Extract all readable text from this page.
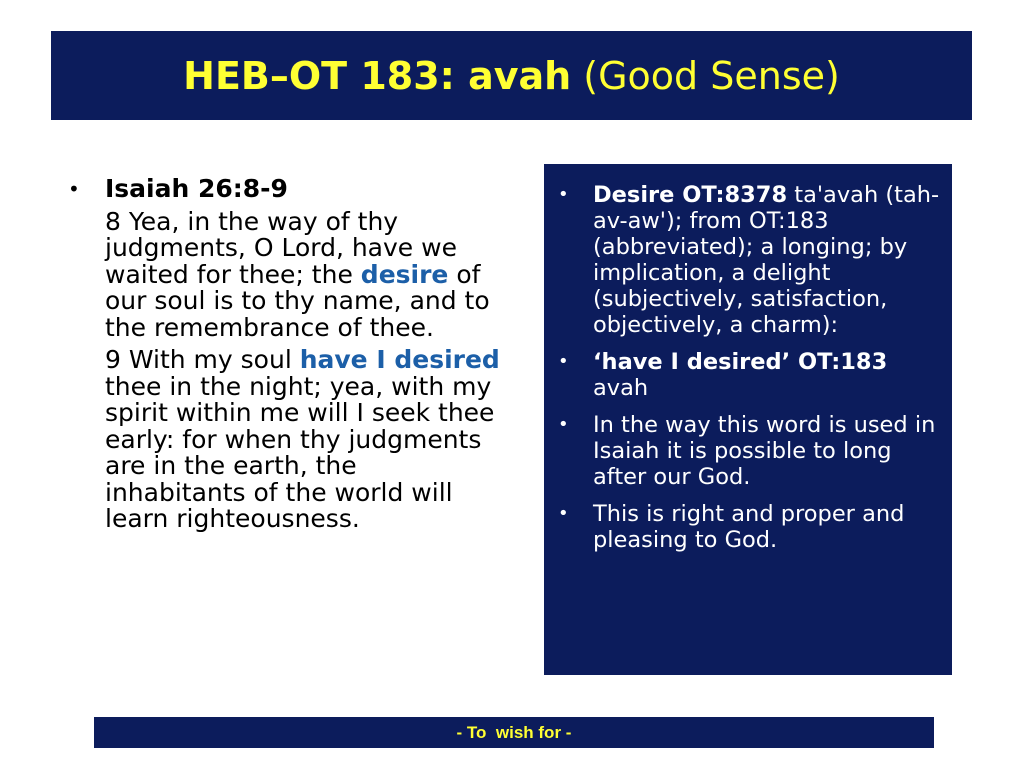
HEB–OT 183: avah (Good Sense)
•	Isaiah 26:8-9
8 Yea, in the way of thy judgments, O Lord, have we waited for thee; the desire of our soul is to thy name, and to the remembrance of thee.
9 With my soul have I desired thee in the night; yea, with my spirit within me will I seek thee early: for when thy judgments are in the earth, the inhabitants of the world will learn righteousness.
•	Desire OT:8378 ta'avah (tah-av-aw'); from OT:183 (abbreviated); a longing; by implication, a delight (subjectively, satisfaction, objectively, a charm):
•	‘have I desired’ OT:183 avah
•	In the way this word is used in Isaiah it is possible to long after our God.
•	This is right and proper and pleasing to God.
- To  wish for -
